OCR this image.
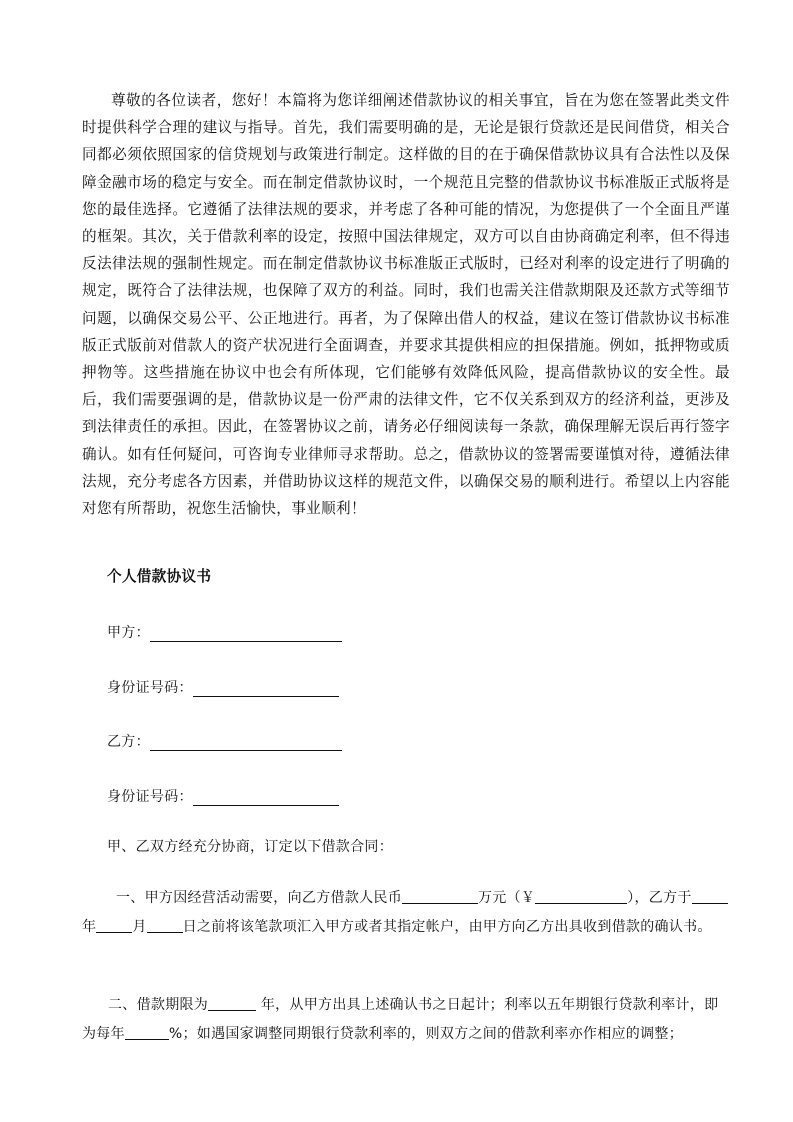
尊敬的各位读者，您好！本篇将为您详细阐述借款协议的相关事宜，旨在为您在签署此类文件时提供科学合理的建议与指导。首先，我们需要明确的是，无论是银行贷款还是民间借贷，相关合同都必须依照国家的信贷规划与政策进行制定。这样做的目的在于确保借款协议具有合法性以及保障金融市场的稳定与安全。而在制定借款协议时，一个规范且完整的借款协议书标准版正式版将是您的最佳选择。它遵循了法律法规的要求，并考虑了各种可能的情况，为您提供了一个全面且严谨的框架。其次，关于借款利率的设定，按照中国法律规定，双方可以自由协商确定利率，但不得违反法律法规的强制性规定。而在制定借款协议书标准版正式版时，已经对利率的设定进行了明确的规定，既符合了法律法规，也保障了双方的利益。同时，我们也需关注借款期限及还款方式等细节问题，以确保交易公平、公正地进行。再者，为了保障出借人的权益，建议在签订借款协议书标准版正式版前对借款人的资产状况进行全面调查，并要求其提供相应的担保措施。例如，抵押物或质押物等。这些措施在协议中也会有所体现，它们能够有效降低风险，提高借款协议的安全性。最后，我们需要强调的是，借款协议是一份严肃的法律文件，它不仅关系到双方的经济利益，更涉及到法律责任的承担。因此，在签署协议之前，请务必仔细阅读每一条款，确保理解无误后再行签字确认。如有任何疑问，可咨询专业律师寻求帮助。总之，借款协议的签署需要谨慎对待，遵循法律法规，充分考虑各方因素，并借助协议这样的规范文件，以确保交易的顺利进行。希望以上内容能对您有所帮助，祝您生活愉快，事业顺利！

个人借款协议书

甲方：
身份证号码：
乙方：
身份证号码：

甲、乙双方经充分协商，订定以下借款合同：

一、甲方因经营活动需要，向乙方借款人民币	万元（￥	），乙方于年	月	日之前将该笔款项汇入甲方或者其指定帐户，由甲方向乙方出具收到借款的确认书。

二、借款期限为	年，从甲方出具上述确认书之日起计；利率以五年期银行贷款利率计，即为每年	%；如遇国家调整同期银行贷款利率的，则双方之间的借款利率亦作相应的调整；
